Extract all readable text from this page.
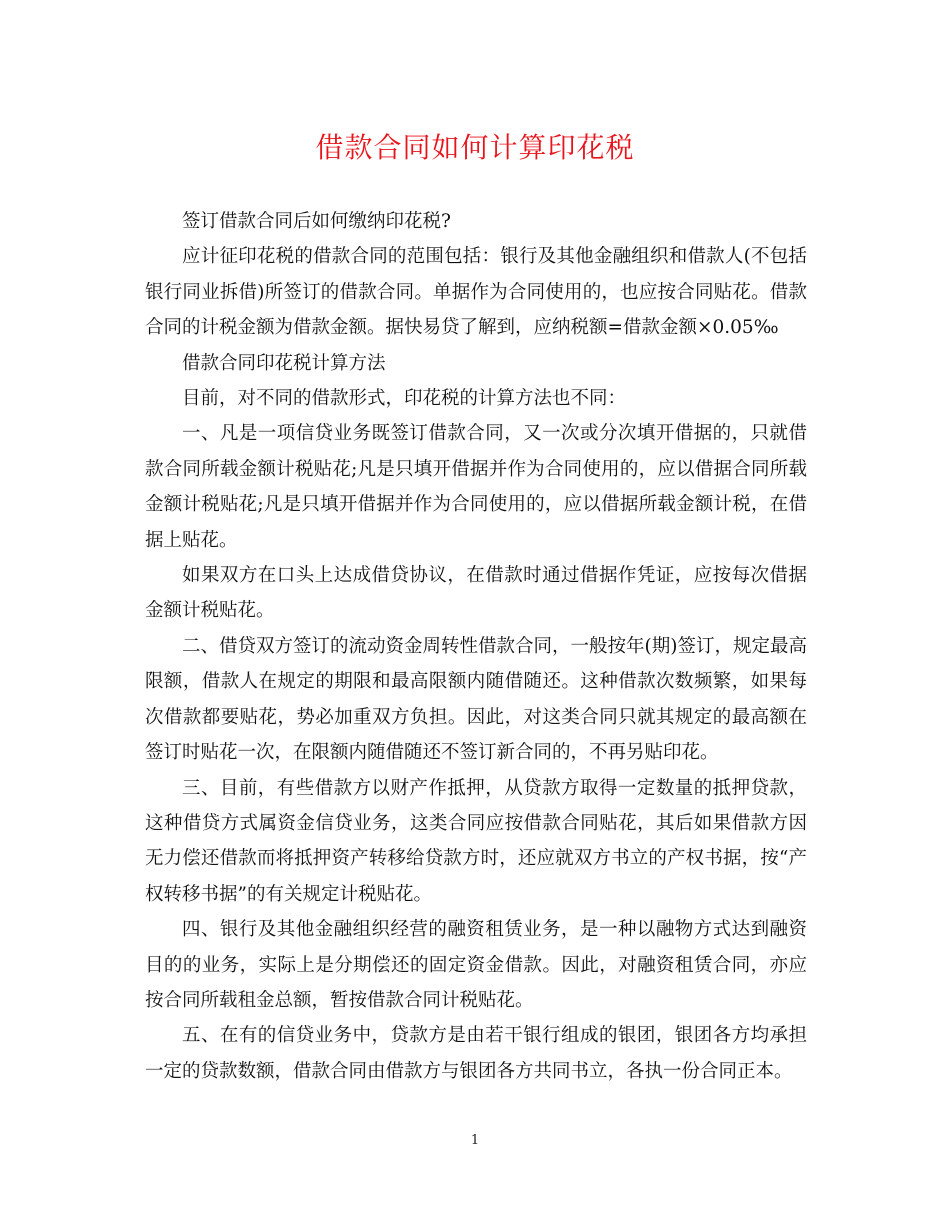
借款合同如何计算印花税

签订借款合同后如何缴纳印花税?

应计征印花税的借款合同的范围包括：银行及其他金融组织和借款人(不包括银行同业拆借)所签订的借款合同。单据作为合同使用的，也应按合同贴花。借款合同的计税金额为借款金额。据快易贷了解到，应纳税额=借款金额×0.05‰

借款合同印花税计算方法

目前，对不同的借款形式，印花税的计算方法也不同：

一、凡是一项信贷业务既签订借款合同，又一次或分次填开借据的，只就借款合同所载金额计税贴花;凡是只填开借据并作为合同使用的，应以借据合同所载金额计税贴花;凡是只填开借据并作为合同使用的，应以借据所载金额计税，在借据上贴花。

如果双方在口头上达成借贷协议，在借款时通过借据作凭证，应按每次借据金额计税贴花。

二、借贷双方签订的流动资金周转性借款合同，一般按年(期)签订，规定最高限额，借款人在规定的期限和最高限额内随借随还。这种借款次数频繁，如果每次借款都要贴花，势必加重双方负担。因此，对这类合同只就其规定的最高额在签订时贴花一次，在限额内随借随还不签订新合同的，不再另贴印花。

三、目前，有些借款方以财产作抵押，从贷款方取得一定数量的抵押贷款，这种借贷方式属资金信贷业务，这类合同应按借款合同贴花，其后如果借款方因无力偿还借款而将抵押资产转移给贷款方时，还应就双方书立的产权书据，按“产权转移书据”的有关规定计税贴花。

四、银行及其他金融组织经营的融资租赁业务，是一种以融物方式达到融资目的的业务，实际上是分期偿还的固定资金借款。因此，对融资租赁合同，亦应按合同所载租金总额，暂按借款合同计税贴花。

五、在有的信贷业务中，贷款方是由若干银行组成的银团，银团各方均承担一定的贷款数额，借款合同由借款方与银团各方共同书立，各执一份合同正本。

1
